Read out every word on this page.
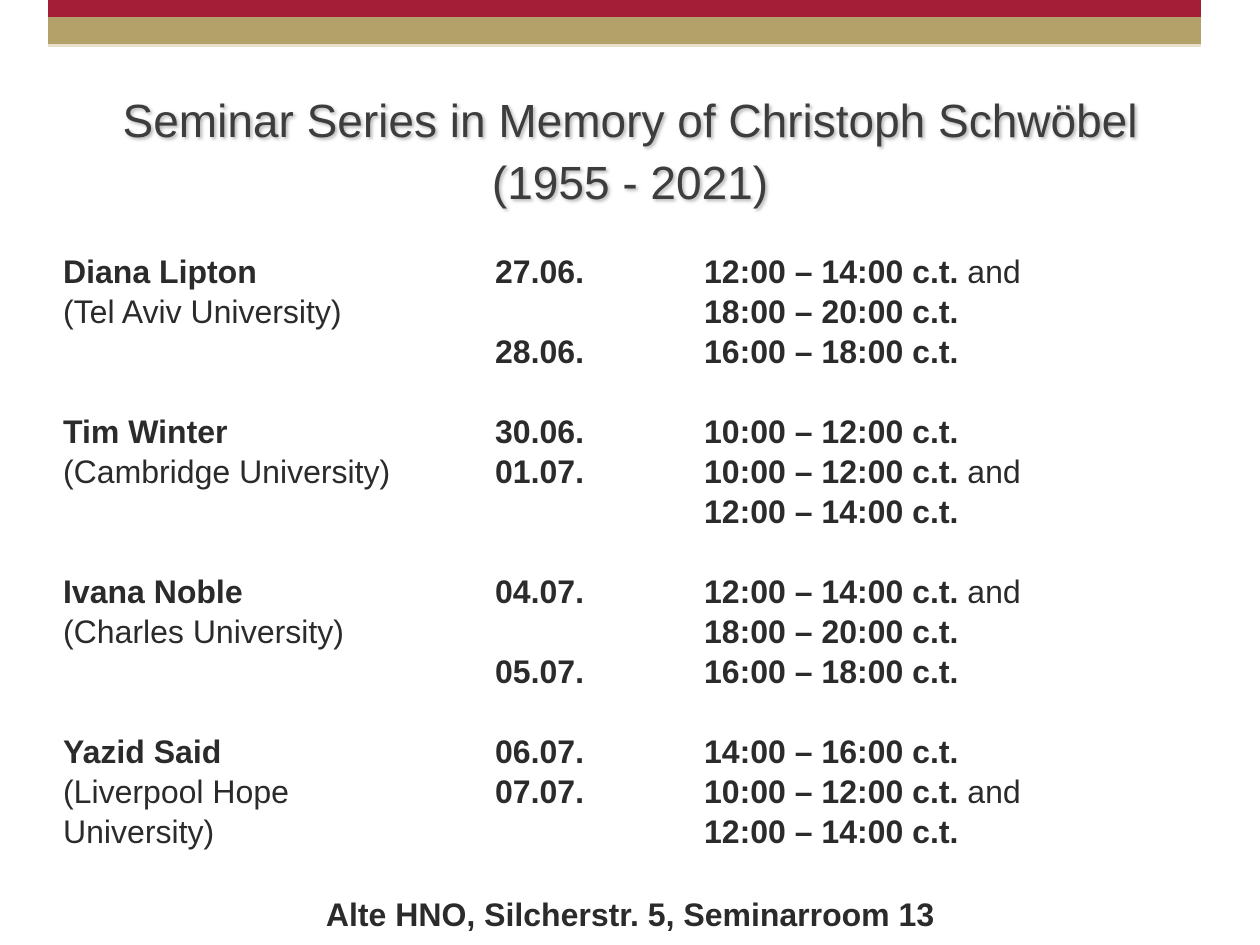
Seminar Series in Memory of Christoph Schwöbel
(1955 - 2021)
Diana Lipton	27.06.	12:00 – 14:00 c.t. and
(Tel Aviv University)	18:00 – 20:00 c.t.
28.06.	16:00 – 18:00 c.t.
Tim Winter	30.06.	10:00 – 12:00 c.t.
(Cambridge University)	01.07.	10:00 – 12:00 c.t. and
12:00 – 14:00 c.t.
Ivana Noble	04.07.	12:00 – 14:00 c.t. and
(Charles University)	18:00 – 20:00 c.t.
05.07.	16:00 – 18:00 c.t.
Yazid Said	06.07.	14:00 – 16:00 c.t.
(Liverpool Hope	07.07.	10:00 – 12:00 c.t. and
University)	12:00 – 14:00 c.t.
Alte HNO, Silcherstr. 5, Seminarroom 13
